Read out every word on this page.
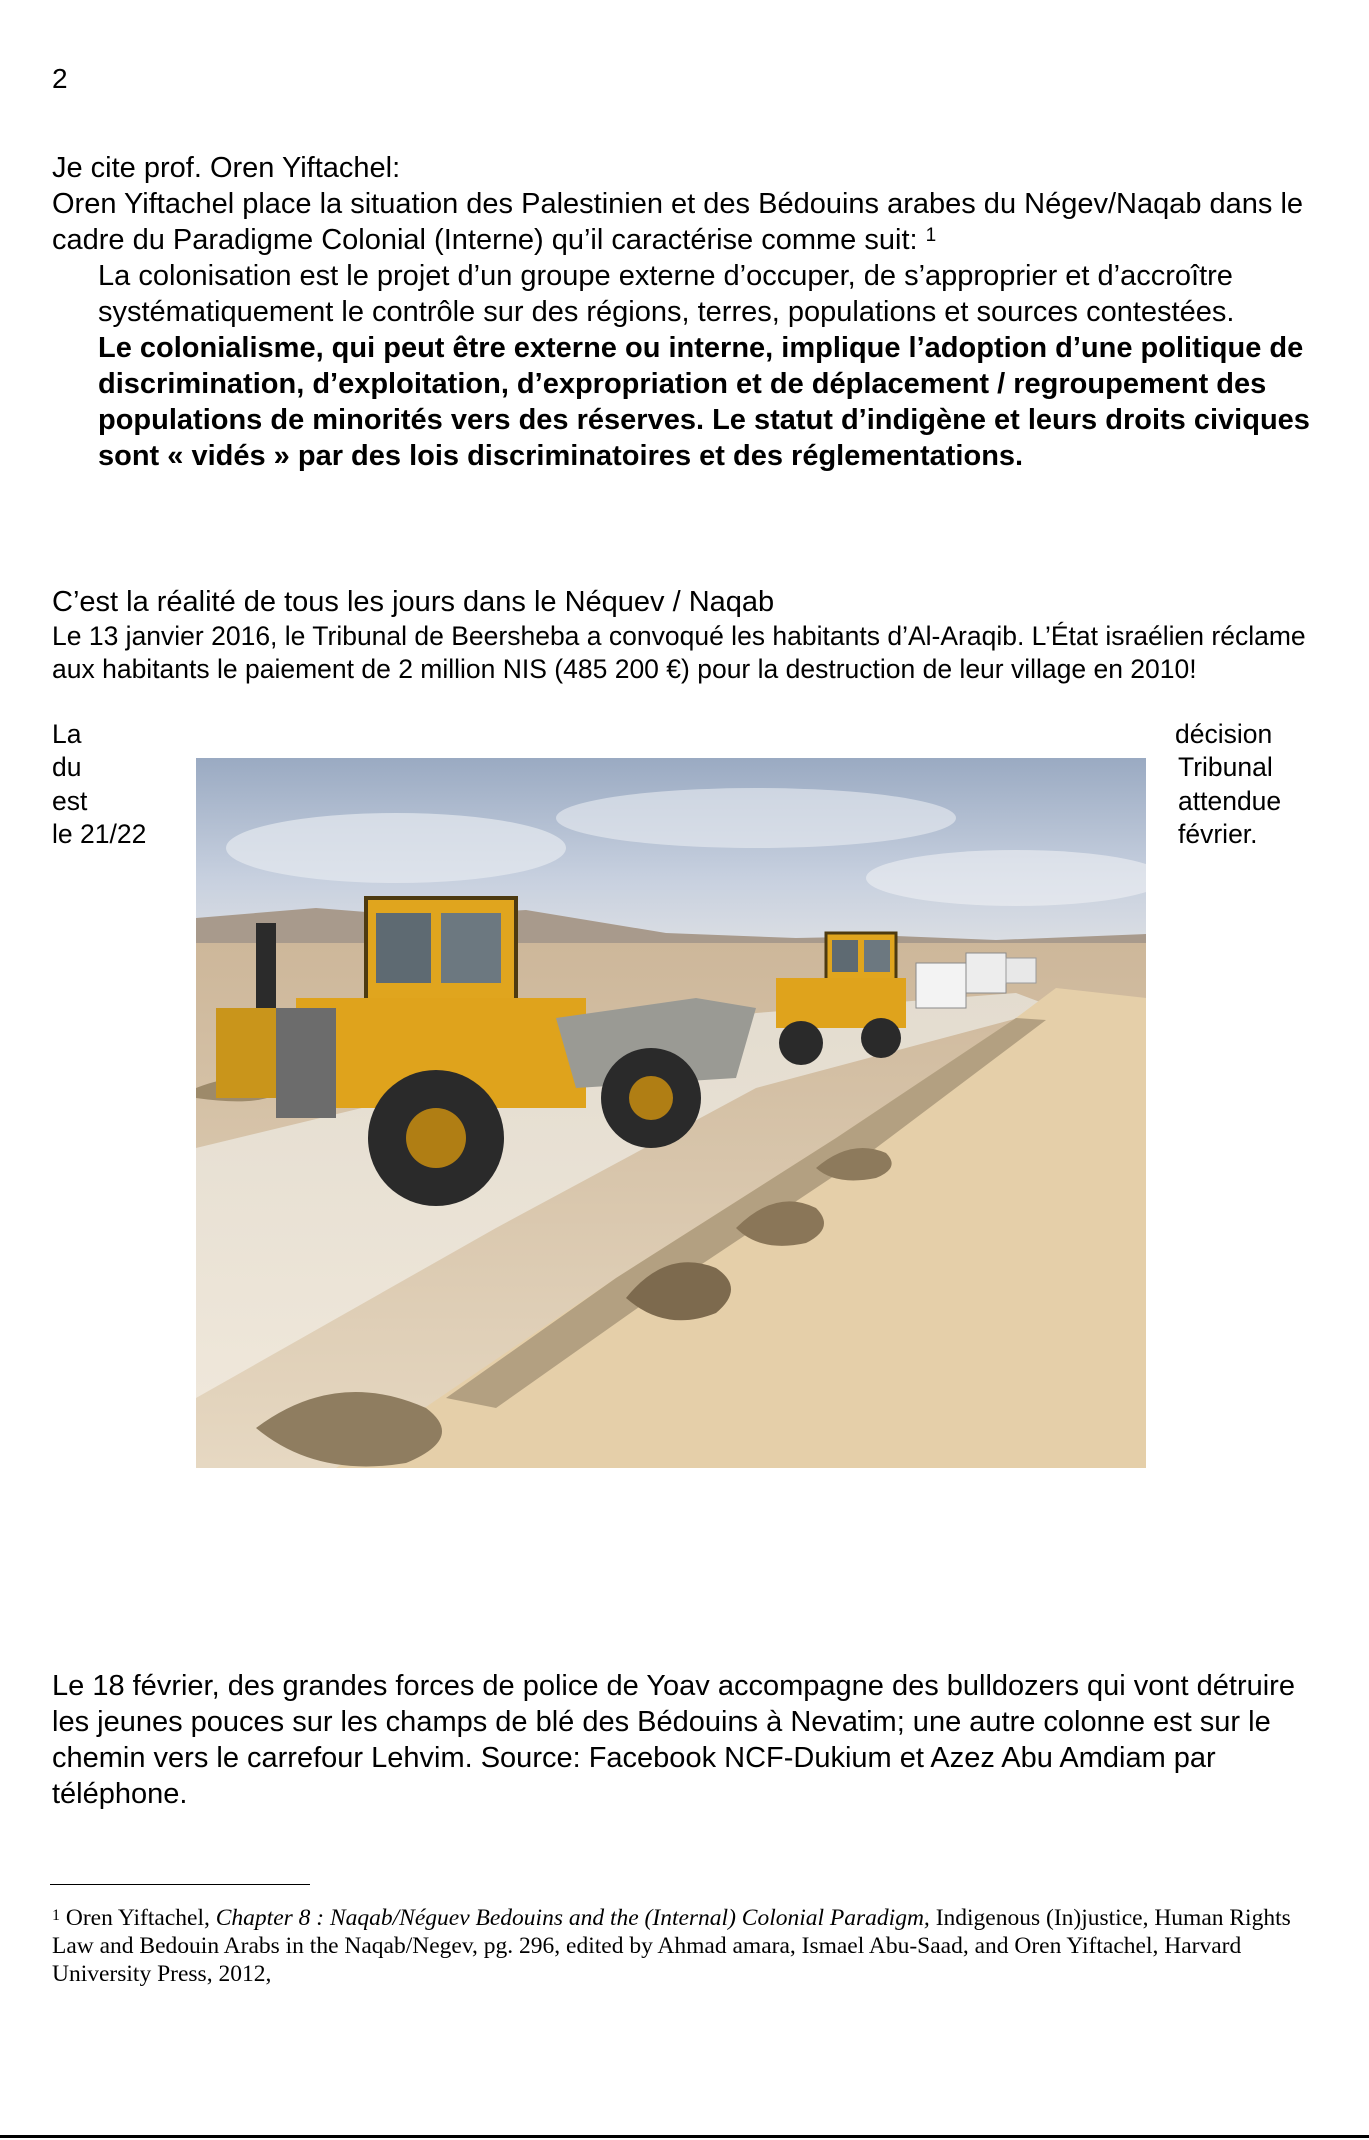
2
Je cite prof. Oren Yiftachel:
Oren Yiftachel place la situation des Palestinien et des Bédouins arabes du Négev/Naqab dans le cadre du Paradigme Colonial (Interne) qu’il caractérise comme suit: $^1$
La colonisation est le projet d’un groupe externe d’occuper, de s’approprier et d’accroître systématiquement le contrôle sur des régions, terres, populations et sources contestées.
Le colonialisme, qui peut être externe ou interne, implique l’adoption d’une politique de discrimination, d’exploitation, d’expropriation et de déplacement / regroupement des populations de minorités vers des réserves. Le statut d’indigène et leurs droits civiques sont « vidés » par des lois discriminatoires et des réglementations.
C’est la réalité de tous les jours dans le Néquev / Naqab
Le 13 janvier 2016, le Tribunal de Beersheba a convoqué les habitants d’Al-Araqib. L’État israélien réclame aux habitants le paiement de 2 million NIS (485 200 €) pour la destruction de leur village en 2010!
La
du
est
le 21/22
décision
Tribunal
attendue
février.
Le 18 février, des grandes forces de police de Yoav accompagne des bulldozers qui vont détruire les jeunes pouces sur les champs de blé des Bédouins à Nevatim; une autre colonne est sur le chemin vers le carrefour Lehvim. Source: Facebook NCF-Dukium et Azez Abu Amdiam par téléphone.
$^1$ Oren Yiftachel, Chapter 8 : Naqab/Néguev Bedouins and the (Internal) Colonial Paradigm, Indigenous (In)justice, Human Rights Law and Bedouin Arabs in the Naqab/Negev, pg. 296, edited by Ahmad amara, Ismael Abu-Saad, and Oren Yiftachel, Harvard University Press, 2012,
